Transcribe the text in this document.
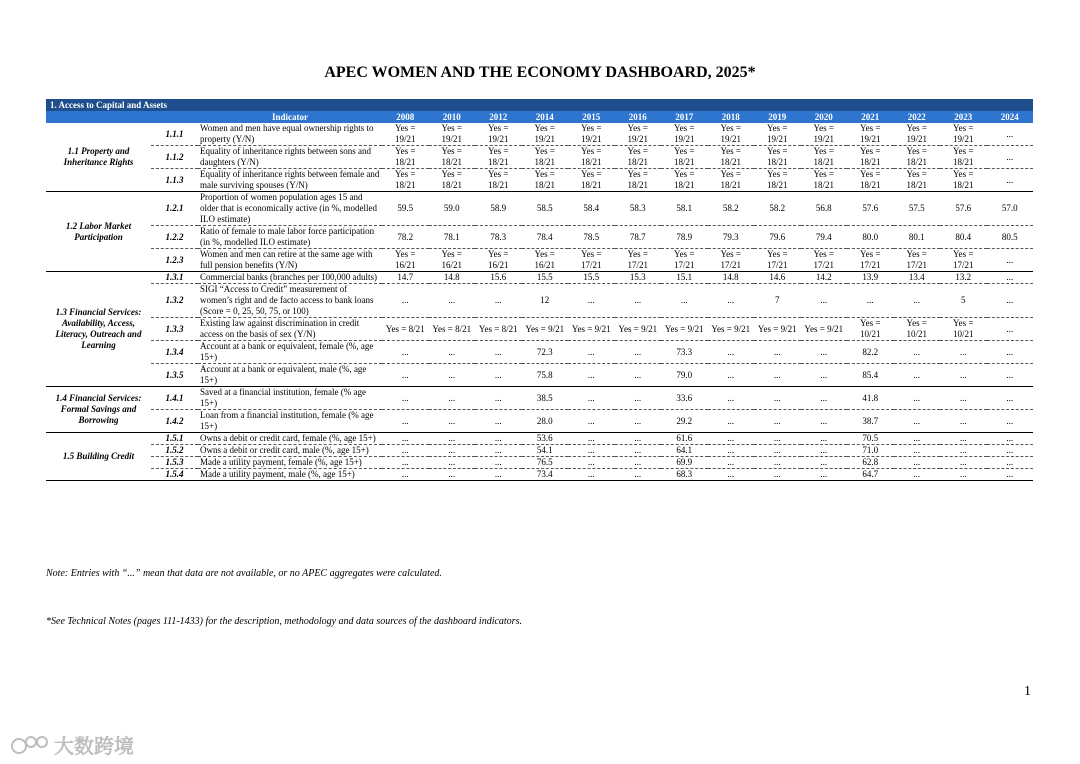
APEC WOMEN AND THE ECONOMY DASHBOARD, 2025*
1. Access to Capital and Assets																
		Indicator	2008	2010	2012	2014	2015	2016	2017	2018	2019	2020	2021	2022	2023	2024
1.1 Property and Inheritance Rights	1.1.1	Women and men have equal ownership rights to property (Y/N)	Yes = 19/21	Yes = 19/21	Yes = 19/21	Yes = 19/21	Yes = 19/21	Yes = 19/21	Yes = 19/21	Yes = 19/21	Yes = 19/21	Yes = 19/21	Yes = 19/21	Yes = 19/21	Yes = 19/21	...
	1.1.2	Equality of inheritance rights between sons and daughters (Y/N)	Yes = 18/21	Yes = 18/21	Yes = 18/21	Yes = 18/21	Yes = 18/21	Yes = 18/21	Yes = 18/21	Yes = 18/21	Yes = 18/21	Yes = 18/21	Yes = 18/21	Yes = 18/21	Yes = 18/21	...
	1.1.3	Equality of inheritance rights between female and male surviving spouses (Y/N)	Yes = 18/21	Yes = 18/21	Yes = 18/21	Yes = 18/21	Yes = 18/21	Yes = 18/21	Yes = 18/21	Yes = 18/21	Yes = 18/21	Yes = 18/21	Yes = 18/21	Yes = 18/21	Yes = 18/21	...
1.2 Labor Market Participation	1.2.1	Proportion of women population ages 15 and older that is economically active (in %, modelled ILO estimate)	59.5	59.0	58.9	58.5	58.4	58.3	58.1	58.2	58.2	56.8	57.6	57.5	57.6	57.0
	1.2.2	Ratio of female to male labor force participation (in %, modelled ILO estimate)	78.2	78.1	78.3	78.4	78.5	78.7	78.9	79.3	79.6	79.4	80.0	80.1	80.4	80.5
	1.2.3	Women and men can retire at the same age with full pension benefits (Y/N)	Yes = 16/21	Yes = 16/21	Yes = 16/21	Yes = 16/21	Yes = 17/21	Yes = 17/21	Yes = 17/21	Yes = 17/21	Yes = 17/21	Yes = 17/21	Yes = 17/21	Yes = 17/21	Yes = 17/21	...
1.3 Financial Services: Availability, Access, Literacy, Outreach and Learning	1.3.1	Commercial banks (branches per 100,000 adults)	14.7	14.8	15.6	15.5	15.5	15.3	15.1	14.8	14.6	14.2	13.9	13.4	13.2	...
	1.3.2	SIGI “Access to Credit” measurement of women’s right and de facto access to bank loans (Score = 0, 25, 50, 75, or 100)	...	...	...	12	...	...	...	...	7	...	...	...	5	...
	1.3.3	Existing law against discrimination in credit access on the basis of sex (Y/N)	Yes = 8/21	Yes = 8/21	Yes = 8/21	Yes = 9/21	Yes = 9/21	Yes = 9/21	Yes = 9/21	Yes = 9/21	Yes = 9/21	Yes = 9/21	Yes = 10/21	Yes = 10/21	Yes = 10/21	...
	1.3.4	Account at a bank or equivalent, female (%, age 15+)	...	...	...	72.3	...	...	73.3	...	...	...	82.2	...	...	...
	1.3.5	Account at a bank or equivalent, male (%, age 15+)	...	...	...	75.8	...	...	79.0	...	...	...	85.4	...	...	...
1.4 Financial Services: Formal Savings and Borrowing	1.4.1	Saved at a financial institution, female (% age 15+)	...	...	...	38.5	...	...	33.6	...	...	...	41.8	...	...	...
	1.4.2	Loan from a financial institution, female (% age 15+)	...	...	...	28.0	...	...	29.2	...	...	...	38.7	...	...	...
1.5 Building Credit	1.5.1	Owns a debit or credit card, female (%, age 15+)	...	...	...	53.6	...	...	61.6	...	...	...	70.5	...	...	...
	1.5.2	Owns a debit or credit card, male (%, age 15+)	...	...	...	54.1	...	...	64.1	...	...	...	71.0	...	...	...
	1.5.3	Made a utility payment, female (%, age 15+)	...	...	...	76.5	...	...	69.9	...	...	...	62.8	...	...	...
	1.5.4	Made a utility payment, male (%, age 15+)	...	...	...	73.4	...	...	68.3	...	...	...	64.7	...	...	...
Note: Entries with “...” mean that data are not available, or no APEC aggregates were calculated.
*See Technical Notes (pages 111-1433) for the description, methodology and data sources of the dashboard indicators.
1
大数跨境
